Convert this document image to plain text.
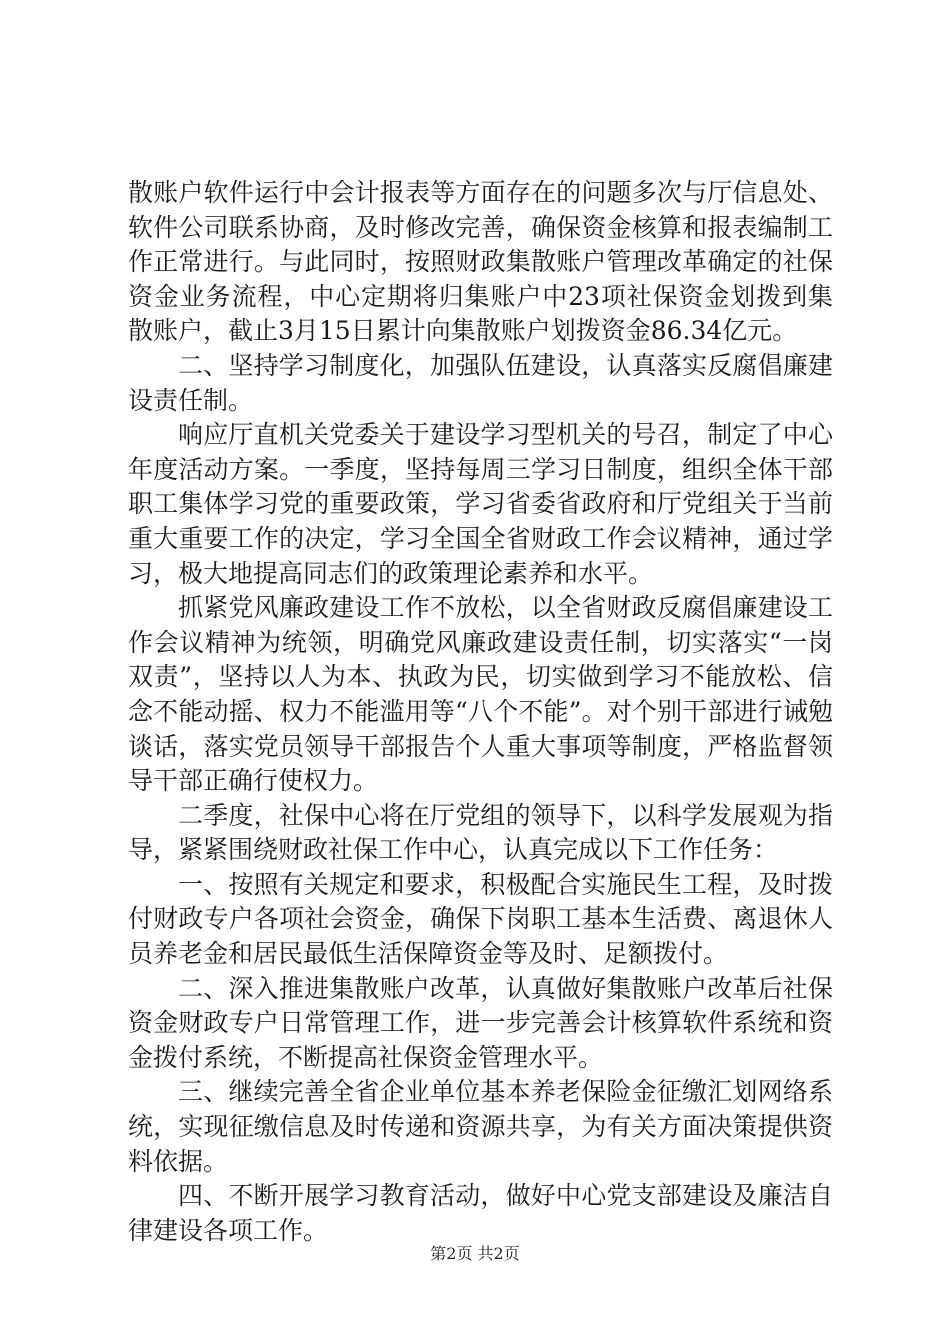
散账户软件运行中会计报表等方面存在的问题多次与厅信息处、软件公司联系协商，及时修改完善，确保资金核算和报表编制工作正常进行。与此同时，按照财政集散账户管理改革确定的社保资金业务流程，中心定期将归集账户中23项社保资金划拨到集散账户，截止3月15日累计向集散账户划拨资金86.34亿元。

二、坚持学习制度化，加强队伍建设，认真落实反腐倡廉建设责任制。

响应厅直机关党委关于建设学习型机关的号召，制定了中心年度活动方案。一季度，坚持每周三学习日制度，组织全体干部职工集体学习党的重要政策，学习省委省政府和厅党组关于当前重大重要工作的决定，学习全国全省财政工作会议精神，通过学习，极大地提高同志们的政策理论素养和水平。

抓紧党风廉政建设工作不放松，以全省财政反腐倡廉建设工作会议精神为统领，明确党风廉政建设责任制，切实落实“一岗双责”，坚持以人为本、执政为民，切实做到学习不能放松、信念不能动摇、权力不能滥用等“八个不能”。对个别干部进行诫勉谈话，落实党员领导干部报告个人重大事项等制度，严格监督领导干部正确行使权力。

二季度，社保中心将在厅党组的领导下，以科学发展观为指导，紧紧围绕财政社保工作中心，认真完成以下工作任务：

一、按照有关规定和要求，积极配合实施民生工程，及时拨付财政专户各项社会资金，确保下岗职工基本生活费、离退休人员养老金和居民最低生活保障资金等及时、足额拨付。

二、深入推进集散账户改革，认真做好集散账户改革后社保资金财政专户日常管理工作，进一步完善会计核算软件系统和资金拨付系统，不断提高社保资金管理水平。

三、继续完善全省企业单位基本养老保险金征缴汇划网络系统，实现征缴信息及时传递和资源共享，为有关方面决策提供资料依据。

四、不断开展学习教育活动，做好中心党支部建设及廉洁自律建设各项工作。

第2页 共2页
